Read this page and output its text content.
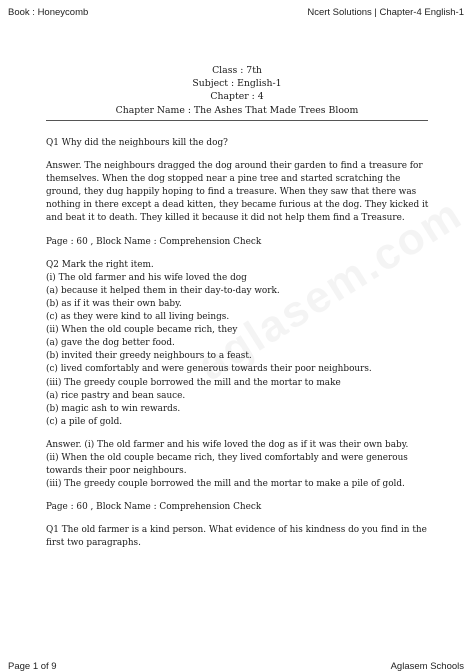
Book : Honeycomb	Ncert Solutions | Chapter-4 English-1
Class : 7th
Subject : English-1
Chapter : 4
Chapter Name : The Ashes That Made Trees Bloom

Q1 Why did the neighbours kill the dog?

Answer. The neighbours dragged the dog around their garden to find a treasure for themselves. When the dog stopped near a pine tree and started scratching the ground, they dug happily hoping to find a treasure. When they saw that there was nothing in there except a dead kitten, they became furious at the dog. They kicked it and beat it to death. They killed it because it did not help them find a Treasure.

Page : 60 , Block Name : Comprehension Check

Q2 Mark the right item.
(i) The old farmer and his wife loved the dog
(a) because it helped them in their day-to-day work.
(b) as if it was their own baby.
(c) as they were kind to all living beings.
(ii) When the old couple became rich, they
(a) gave the dog better food.
(b) invited their greedy neighbours to a feast.
(c) lived comfortably and were generous towards their poor neighbours.
(iii) The greedy couple borrowed the mill and the mortar to make
(a) rice pastry and bean sauce.
(b) magic ash to win rewards.
(c) a pile of gold.

Answer. (i) The old farmer and his wife loved the dog as if it was their own baby.
(ii) When the old couple became rich, they lived comfortably and were generous towards their poor neighbours.
(iii) The greedy couple borrowed the mill and the mortar to make a pile of gold.

Page : 60 , Block Name : Comprehension Check

Q1 The old farmer is a kind person. What evidence of his kindness do you find in the first two paragraphs.

Page 1 of 9	Aglasem Schools
